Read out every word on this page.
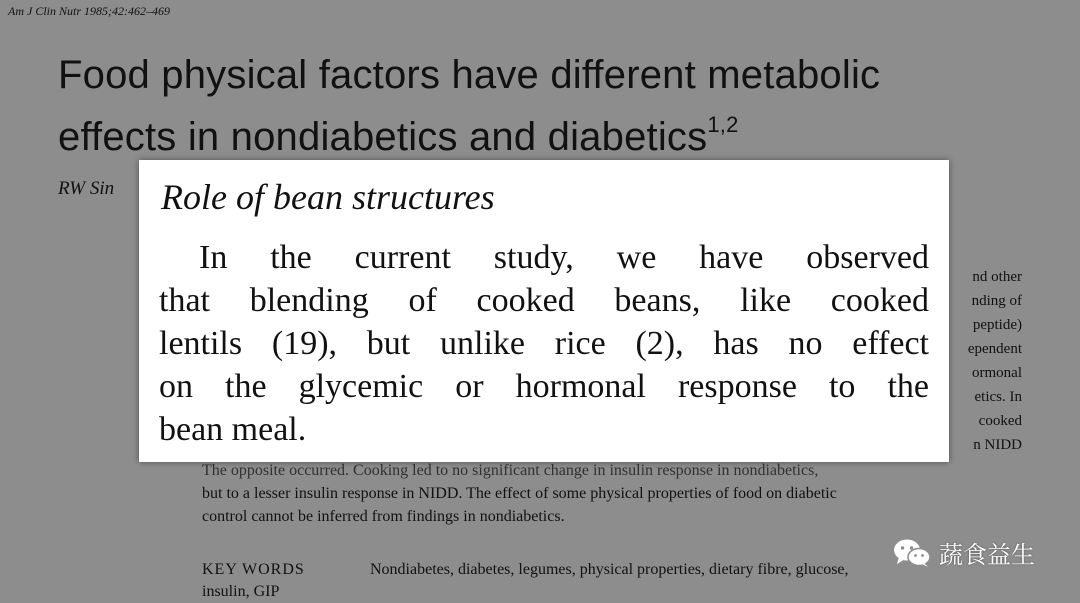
Am J Clin Nutr 1985;42:462–469
Food physical factors have different metabolic
effects in nondiabetics and diabetics$^{1,2}$
RW Sin
nd other
nding of
peptide)
ependent
ormonal
etics. In
cooked
n NIDD
The opposite occurred. Cooking led to no significant change in insulin response in nondiabetics,
but to a lesser insulin response in NIDD. The effect of some physical properties of food on diabetic
control cannot be inferred from findings in nondiabetics.
KEY WORDS	Nondiabetes, diabetes, legumes, physical properties, dietary fibre, glucose,
insulin, GIP
Role of bean structures
In the current study, we have observed
that blending of cooked beans, like cooked
lentils (19), but unlike rice (2), has no effect
on the glycemic or hormonal response to the
bean meal.
蔬食益生
